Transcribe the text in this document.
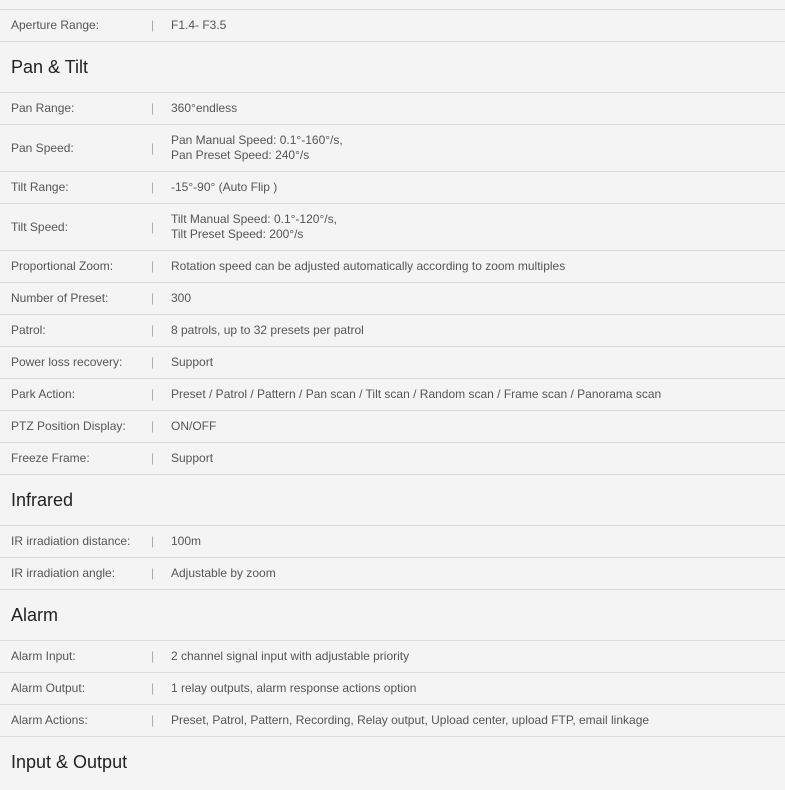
Aperture Range:	|	F1.4- F3.5
Pan & Tilt
Pan Range:	|	360°endless
Pan Speed:	|
Pan Manual Speed: 0.1°-160°/s,
Pan Preset Speed: 240°/s
Tilt Range:	|	-15°-90° (Auto Flip )
Tilt Speed:	|
Tilt Manual Speed: 0.1°-120°/s,
Tilt Preset Speed: 200°/s
Proportional Zoom:	|	Rotation speed can be adjusted automatically according to zoom multiples
Number of Preset:	|	300
Patrol:	|	8 patrols, up to 32 presets per patrol
Power loss recovery:	|	Support
Park Action:	|	Preset / Patrol / Pattern / Pan scan / Tilt scan / Random scan / Frame scan / Panorama scan
PTZ Position Display:	|	ON/OFF
Freeze Frame:	|	Support
Infrared
IR irradiation distance:	|	100m
IR irradiation angle:	|	Adjustable by zoom
Alarm
Alarm Input:	|	2 channel signal input with adjustable priority
Alarm Output:	|	1 relay outputs, alarm response actions option
Alarm Actions:	|	Preset, Patrol, Pattern, Recording, Relay output, Upload center, upload FTP, email linkage
Input & Output
